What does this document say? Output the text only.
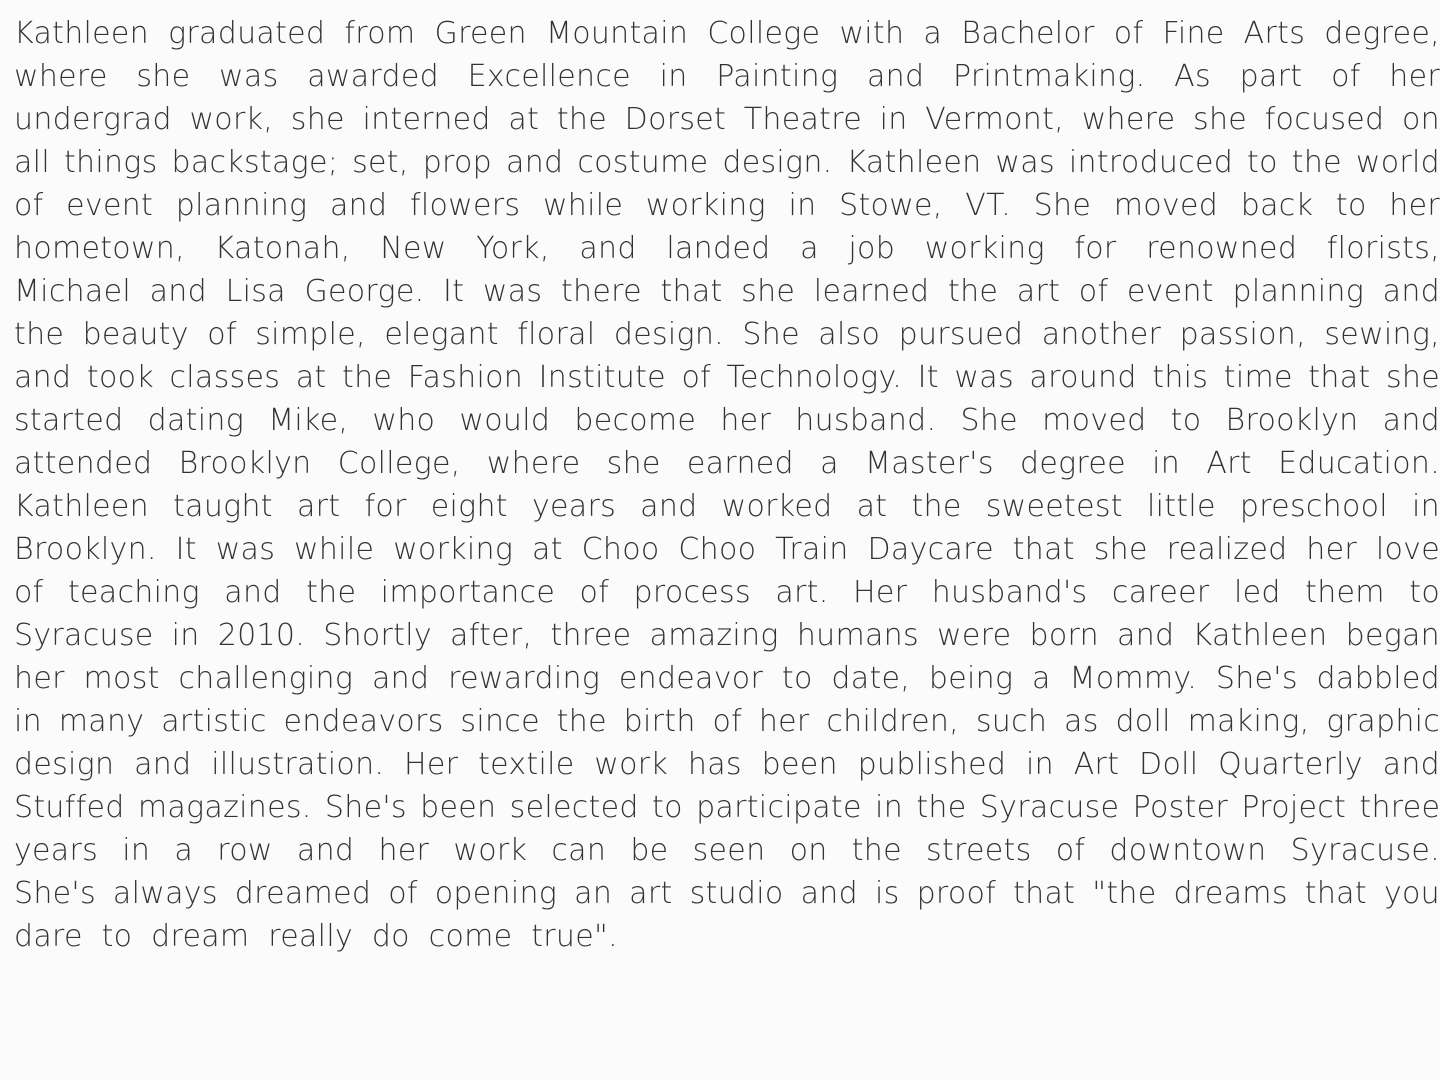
Kathleen graduated from Green Mountain College with a Bachelor of Fine Arts degree,
where she was awarded Excellence in Painting and Printmaking. As part of her
undergrad work, she interned at the Dorset Theatre in Vermont, where she focused on
all things backstage; set, prop and costume design. Kathleen was introduced to the world
of event planning and flowers while working in Stowe, VT. She moved back to her
hometown, Katonah, New York, and landed a job working for renowned florists,
Michael and Lisa George. It was there that she learned the art of event planning and
the beauty of simple, elegant floral design. She also pursued another passion, sewing,
and took classes at the Fashion Institute of Technology. It was around this time that she
started dating Mike, who would become her husband. She moved to Brooklyn and
attended Brooklyn College, where she earned a Master's degree in Art Education.
Kathleen taught art for eight years and worked at the sweetest little preschool in
Brooklyn. It was while working at Choo Choo Train Daycare that she realized her love
of teaching and the importance of process art. Her husband's career led them to
Syracuse in 2010. Shortly after, three amazing humans were born and Kathleen began
her most challenging and rewarding endeavor to date, being a Mommy. She's dabbled
in many artistic endeavors since the birth of her children, such as doll making, graphic
design and illustration. Her textile work has been published in Art Doll Quarterly and
Stuffed magazines. She's been selected to participate in the Syracuse Poster Project three
years in a row and her work can be seen on the streets of downtown Syracuse.
She's always dreamed of opening an art studio and is proof that "the dreams that you
dare to dream really do come true".
